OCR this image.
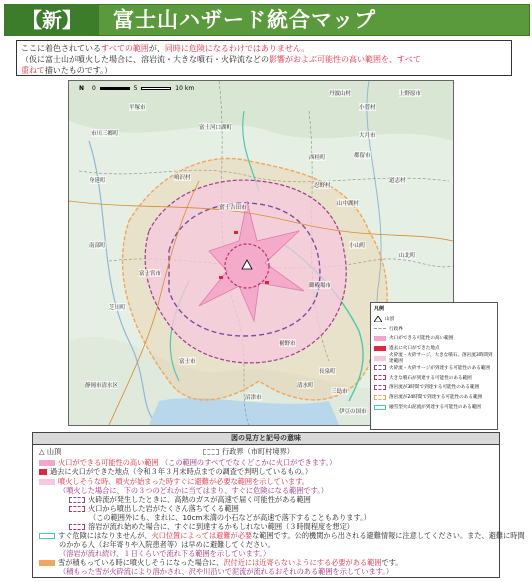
【新】	富士山ハザード統合マップ
ここに着色されているすべての範囲が、同時に危険になるわけではありません。
（仮に富士山が噴火した場合に、溶岩流・大きな噴石・火砕流などの影響がおよぶ可能性の高い範囲を、すべて
重ねて描いたものです。）
N 0	5	10 km
上野原市
平塚市	小菅村
丹波山村
大月市
都留市
市川三郷町
富士河口湖町
道志村
山中湖村
身延町	鳴沢村
忍野村
山北町
富士吉田市
西桂町
南部町
富士宮市
御殿場市
小山町
芝川町
裾野市
富士市
長泉町
清水町
三島市
沼津市
静岡市清水区
伊豆の国市
凡例
山頂
行政界
火口ができる可能性の高い範囲
過去に火口ができた地点
火砕流・火砕サージ、大きな噴石、溶岩流3時間到達範囲
火砕流・火砕サージが到達する可能性のある範囲
大きな噴石が到達する可能性のある範囲
溶岩流が3時間で到達する可能性のある範囲
溶岩流が24時間で到達する可能性のある範囲
融雪型火山泥流が到達する可能性のある範囲
図の見方と記号の意味
△ 山頂	行政界（市町村境界）
火口ができる可能性の高い範囲 （この範囲のすべてでなくどこかに火口ができます。）
過去に火口ができた地点（令和３年３月末時点までの調査で判明しているもの。）
噴火しそうな時、噴火が始まった時すぐに避難が必要な範囲を示しています。
（噴火した場合に、下の３つのどれかに当てはまり、すぐに危険になる範囲です。）
火砕流が発生したときに、高熱のガスが高速で届く可能性がある範囲
火口から噴出した岩がたくさん落ちてくる範囲
（この範囲外にも、まれに、10cm未満の小石などが高速で落下することもあります。）
溶岩が流れ始めた場合に、すぐに到達するかもしれない範囲（３時間程度を想定）
すぐ危険にはなりませんが、火口位置によっては避難が必要な範囲です。公的機関から出される避難情報に注意してください。また、避難に時間
のかかる人（お年寄りや入院患者等）は早めに避難してください。
（溶岩が流れ続け、１日くらいで流れ下る範囲を示しています。）
雪が積もっている時に噴火しそうになった場合に、沢付近には近寄らないようにする必要がある範囲です。
（積もった雪が火砕流により溶かされ、沢や川沿いで泥流が流れるおそれのある範囲を示しています。）
